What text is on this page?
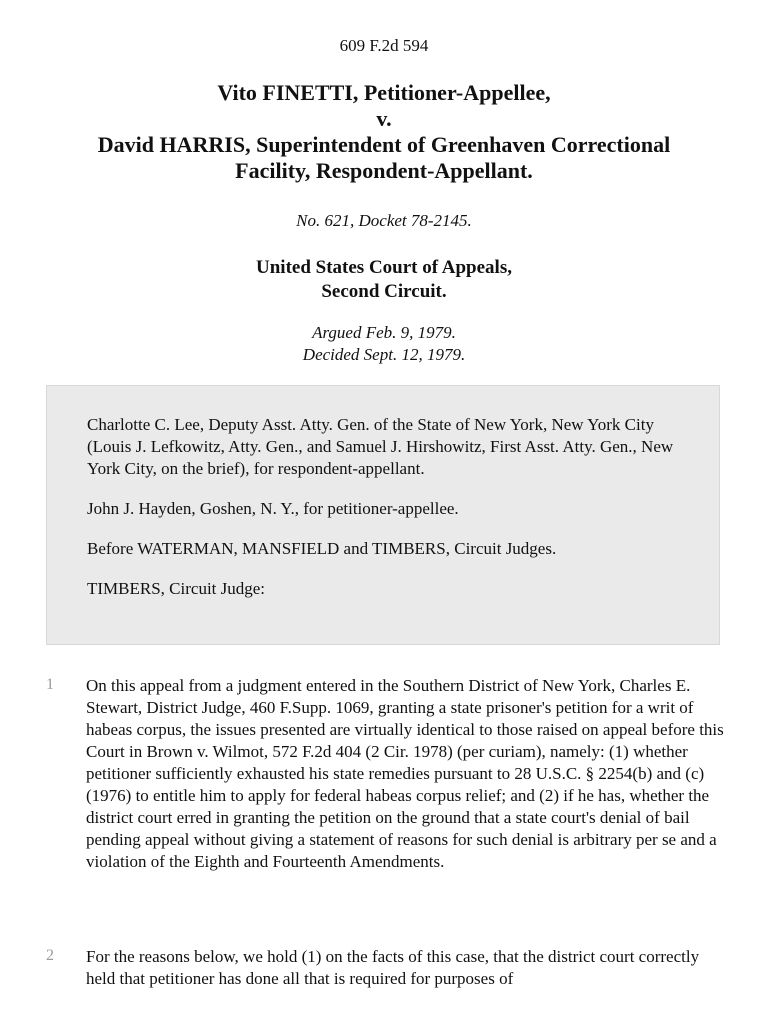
609 F.2d 594
Vito FINETTI, Petitioner-Appellee,
v.
David HARRIS, Superintendent of Greenhaven Correctional
Facility, Respondent-Appellant.
No. 621, Docket 78-2145.
United States Court of Appeals,
Second Circuit.
Argued Feb. 9, 1979.
Decided Sept. 12, 1979.

Charlotte C. Lee, Deputy Asst. Atty. Gen. of the State of New York, New York City (Louis J. Lefkowitz, Atty. Gen., and Samuel J. Hirshowitz, First Asst. Atty. Gen., New York City, on the brief), for respondent-appellant.

John J. Hayden, Goshen, N. Y., for petitioner-appellee.

Before WATERMAN, MANSFIELD and TIMBERS, Circuit Judges.

TIMBERS, Circuit Judge:

1 On this appeal from a judgment entered in the Southern District of New York, Charles E. Stewart, District Judge, 460 F.Supp. 1069, granting a state prisoner's petition for a writ of habeas corpus, the issues presented are virtually identical to those raised on appeal before this Court in Brown v. Wilmot, 572 F.2d 404 (2 Cir. 1978) (per curiam), namely: (1) whether petitioner sufficiently exhausted his state remedies pursuant to 28 U.S.C. § 2254(b) and (c) (1976) to entitle him to apply for federal habeas corpus relief; and (2) if he has, whether the district court erred in granting the petition on the ground that a state court's denial of bail pending appeal without giving a statement of reasons for such denial is arbitrary per se and a violation of the Eighth and Fourteenth Amendments.
2 For the reasons below, we hold (1) on the facts of this case, that the district court correctly held that petitioner has done all that is required for purposes of
